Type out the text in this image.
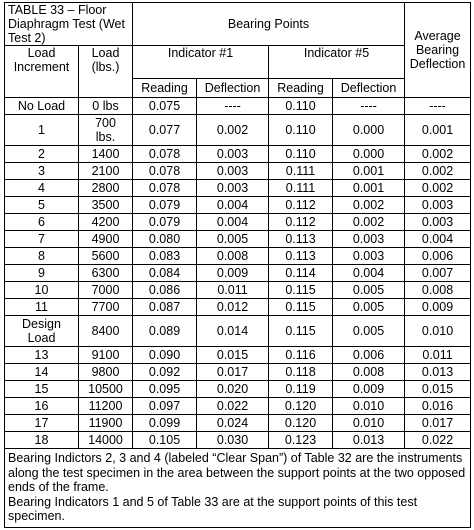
TABLE 33 – Floor Diaphragm Test (Wet Test 2)		Bearing Points				Average
Bearing
Deflection

Load
Increment	Load
(lbs.)	Indicator #1		Indicator #5		
		Reading	Deflection	Reading	Deflection	

No Load	0 lbs	0.075	----	0.110	----	----

1	700
lbs.	0.077	0.002	0.110	0.000	0.001

2	1400	0.078	0.003	0.110	0.000	0.002

3	2100	0.078	0.003	0.111	0.001	0.002

4	2800	0.078	0.003	0.111	0.001	0.002

5	3500	0.079	0.004	0.112	0.002	0.003

6	4200	0.079	0.004	0.112	0.002	0.003

7	4900	0.080	0.005	0.113	0.003	0.004

8	5600	0.083	0.008	0.113	0.003	0.006

9	6300	0.084	0.009	0.114	0.004	0.007

10	7000	0.086	0.011	0.115	0.005	0.008

11	7700	0.087	0.012	0.115	0.005	0.009

Design
Load	8400	0.089	0.014	0.115	0.005	0.010

13	9100	0.090	0.015	0.116	0.006	0.011

14	9800	0.092	0.017	0.118	0.008	0.013

15	10500	0.095	0.020	0.119	0.009	0.015

16	11200	0.097	0.022	0.120	0.010	0.016

17	11900	0.099	0.024	0.120	0.010	0.017

18	14000	0.105	0.030	0.123	0.013	0.022

Bearing Indictors 2, 3 and 4 (labeled “Clear Span”) of Table 32 are the instruments along the test specimen in the area between the support points at the two opposed ends of the frame.
Bearing Indicators 1 and 5 of Table 33 are at the support points of this test specimen.						
